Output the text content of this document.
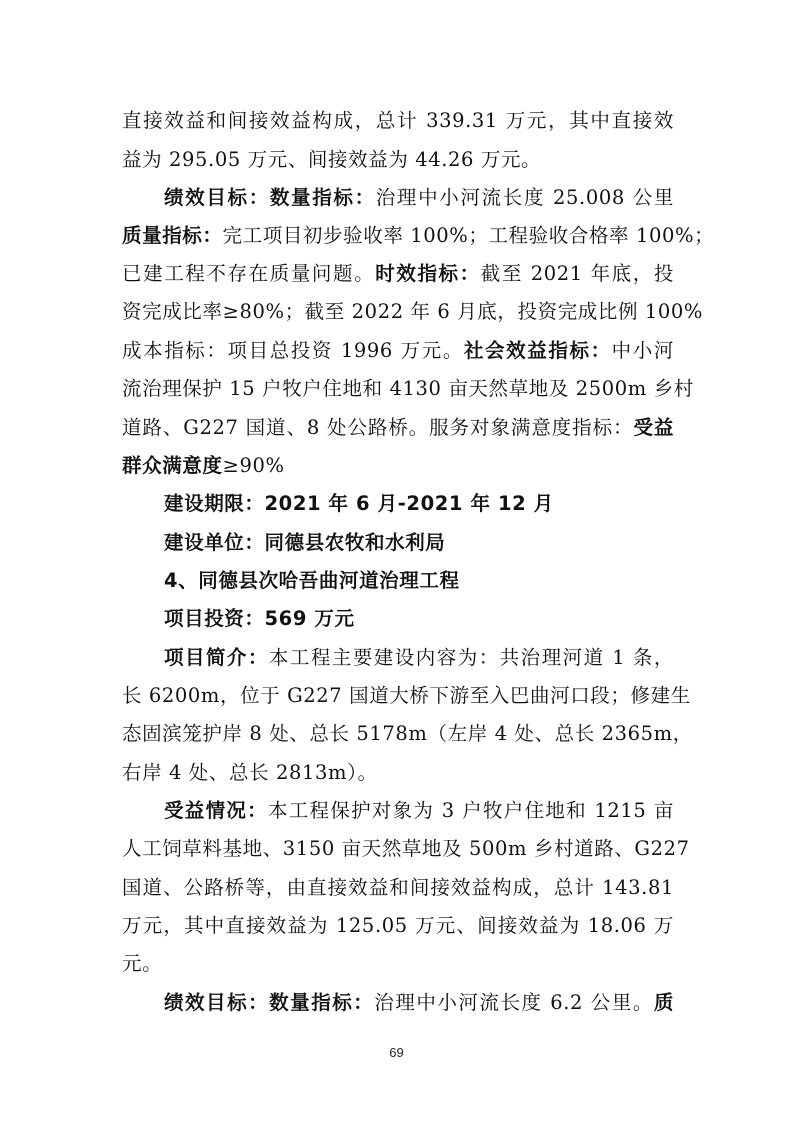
直接效益和间接效益构成，总计 339.31 万元，其中直接效
益为 295.05 万元、间接效益为 44.26 万元。
绩效目标：数量指标：治理中小河流长度 25.008 公里
质量指标：完工项目初步验收率 100%；工程验收合格率 100%；
已建工程不存在质量问题。时效指标：截至 2021 年底，投
资完成比率≥80%；截至 2022 年 6 月底，投资完成比例 100%
成本指标：项目总投资 1996 万元。社会效益指标：中小河
流治理保护 15 户牧户住地和 4130 亩天然草地及 2500m 乡村
道路、G227 国道、8 处公路桥。服务对象满意度指标：受益
群众满意度≥90%
建设期限：2021 年 6 月-2021 年 12 月
建设单位：同德县农牧和水利局
4、同德县次哈吾曲河道治理工程
项目投资：569 万元
项目简介：本工程主要建设内容为：共治理河道 1 条，
长 6200m，位于 G227 国道大桥下游至入巴曲河口段；修建生
态固滨笼护岸 8 处、总长 5178m（左岸 4 处、总长 2365m，
右岸 4 处、总长 2813m）。
受益情况：本工程保护对象为 3 户牧户住地和 1215 亩
人工饲草料基地、3150 亩天然草地及 500m 乡村道路、G227
国道、公路桥等，由直接效益和间接效益构成，总计 143.81
万元，其中直接效益为 125.05 万元、间接效益为 18.06 万
元。
绩效目标：数量指标：治理中小河流长度 6.2 公里。质
69
